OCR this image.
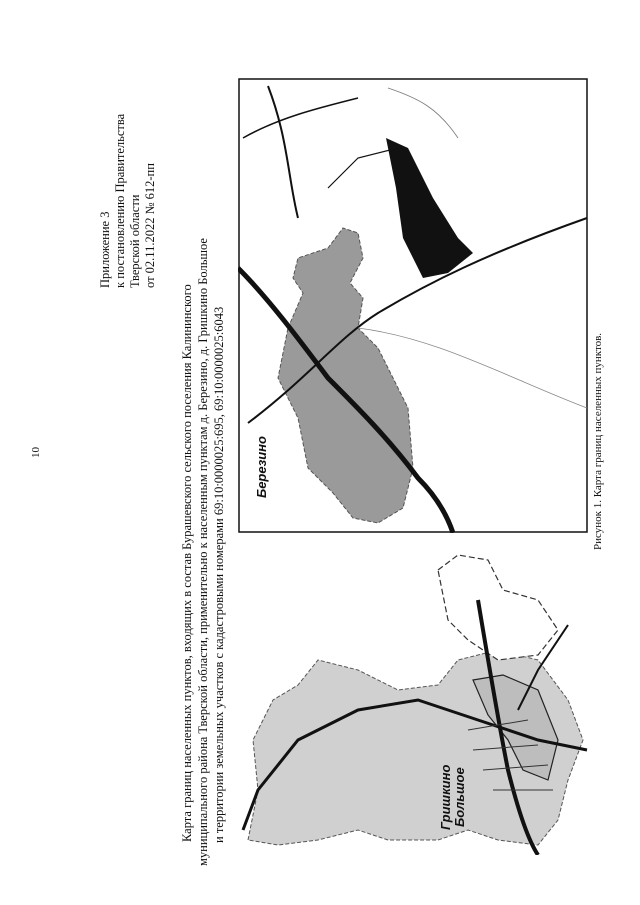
10
Приложение 3 к постановлению Правительства Тверской области от 02.11.2022 № 612-пп
Карта границ населенных пунктов, входящих в состав Бурашевского сельского поселения Калининского муниципального района Тверской области, применительно к населенным пунктам д. Березино, д. Гришкино Большое и территории земельных участков с кадастровыми номерами 69:10:0000025:695, 69:10:0000025:6043 Березино
Гришкино Большое
Рисунок 1. Карта границ населенных пунктов.
